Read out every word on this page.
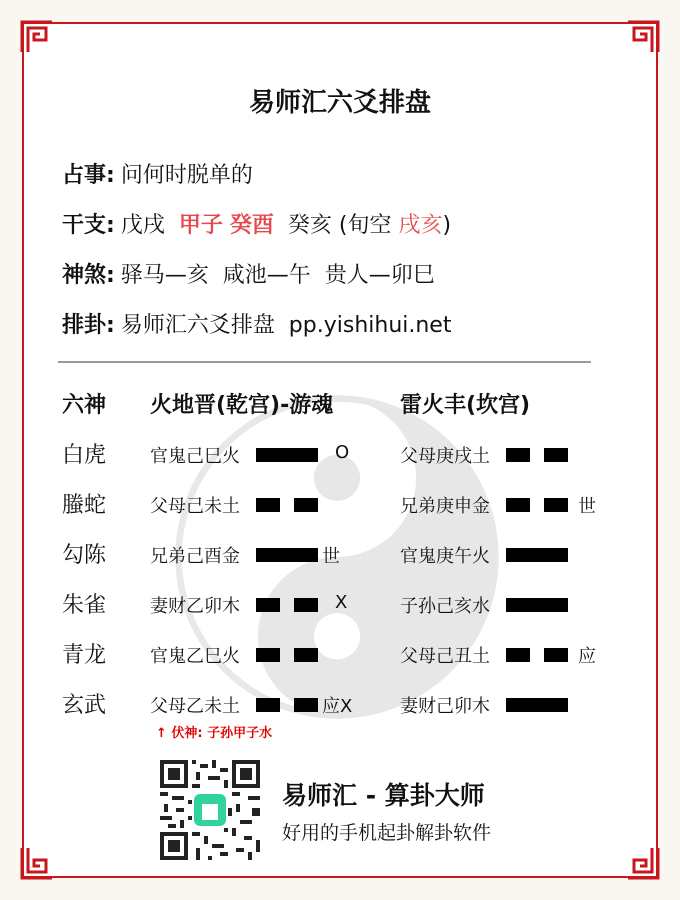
易师汇六爻排盘
占事: 问何时脱单的
干支: 戊戌 甲子 癸酉 癸亥 (旬空 戌亥)
神煞: 驿马—亥  咸池—午  贵人—卯巳
排卦: 易师汇六爻排盘  pp.yishihui.net
六神 火地晋(乾宫)-游魂	雷火丰(坎宫)
白虎 官鬼己巳火	O	父母庚戌土
螣蛇 父母己未土	兄弟庚申金	世
勾陈 兄弟己酉金	世	官鬼庚午火
朱雀 妻财乙卯木	X	子孙己亥水
青龙 官鬼乙巳火	父母己丑土	应
玄武 父母乙未土	应X	妻财己卯木
↑ 伏神: 子孙甲子水
易师汇 - 算卦大师
好用的手机起卦解卦软件
